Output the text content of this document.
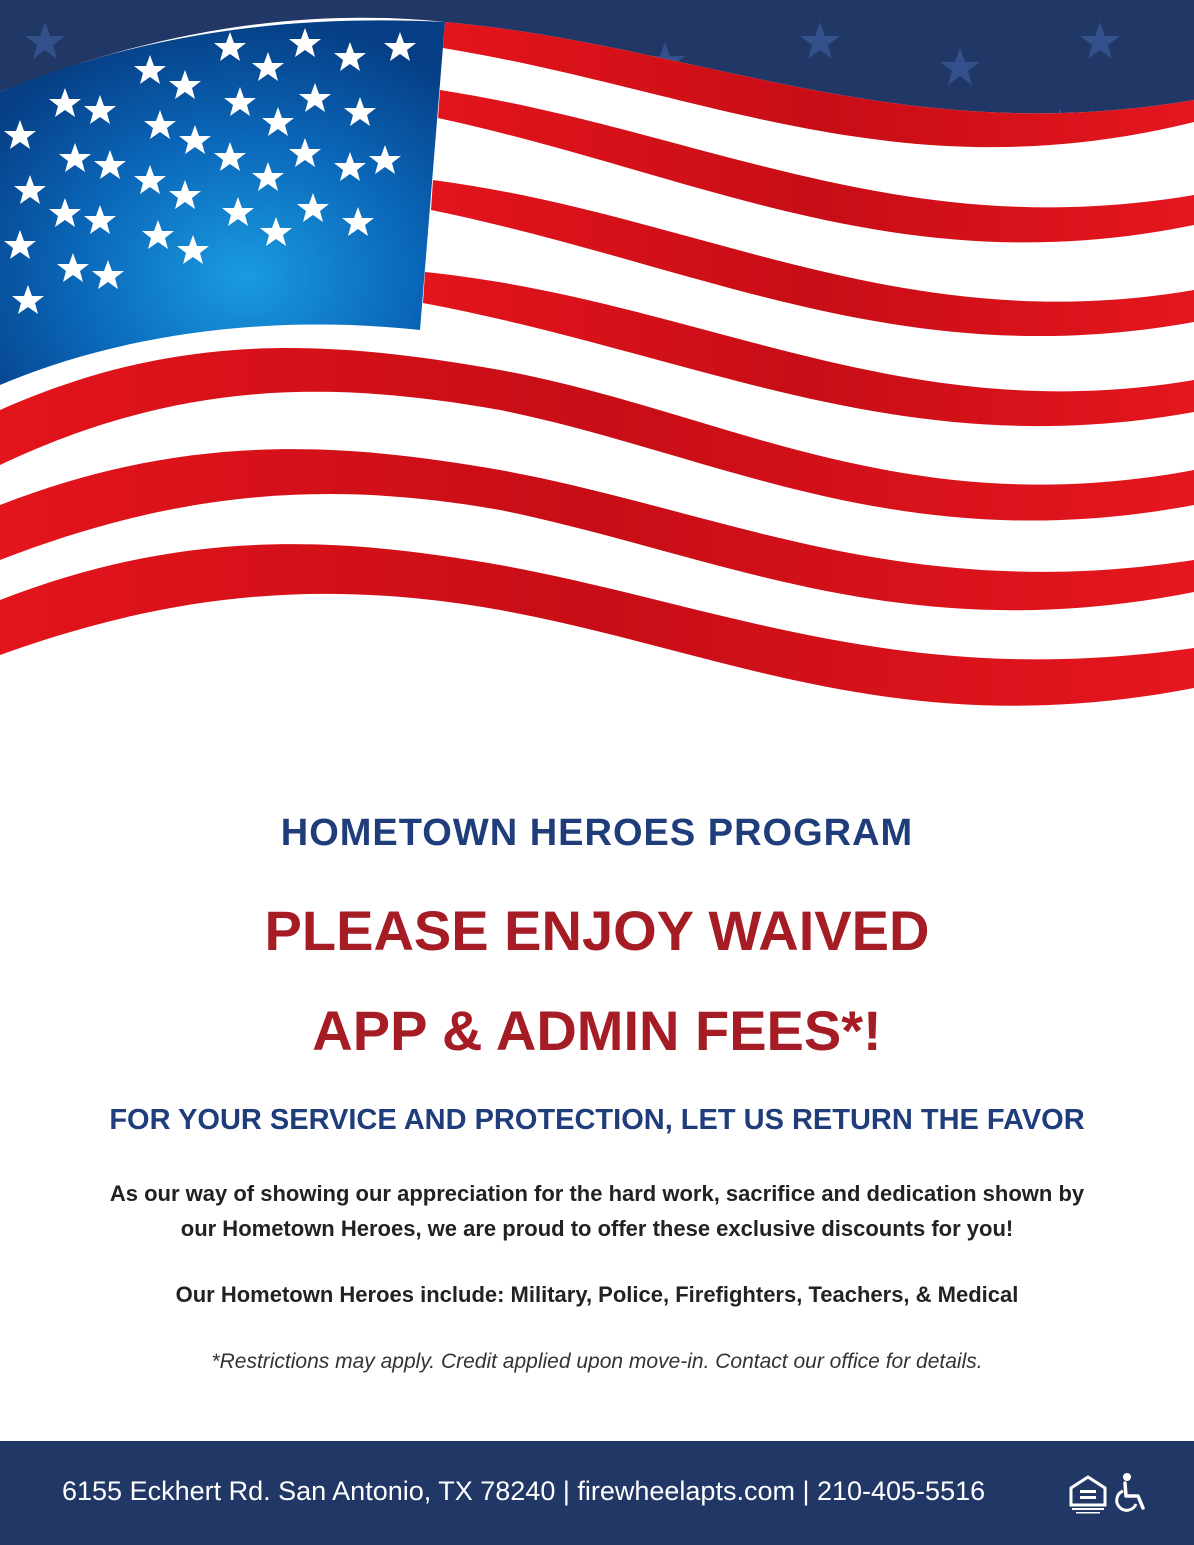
HOMETOWN HEROES PROGRAM
PLEASE ENJOY WAIVED
APP & ADMIN FEES*!
FOR YOUR SERVICE AND PROTECTION, LET US RETURN THE FAVOR
As our way of showing our appreciation for the hard work, sacrifice and dedication shown by
our Hometown Heroes, we are proud to offer these exclusive discounts for you!
Our Hometown Heroes include: Military, Police, Firefighters, Teachers, & Medical
*Restrictions may apply. Credit applied upon move-in. Contact our office for details.
6155 Eckhert Rd. San Antonio, TX 78240 | firewheelapts.com | 210-405-5516
